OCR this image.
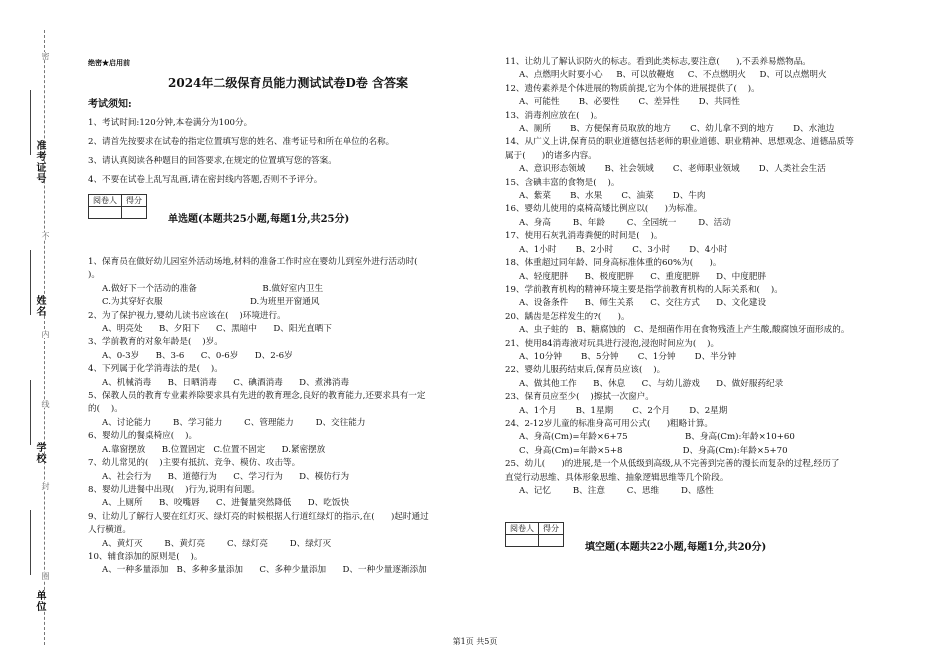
密
不
内
线
封
圈
准考证号
姓名
学校
单位
绝密★启用前
2024年二级保育员能力测试试卷D卷 含答案
考试须知:
1、考试时间:120分钟,本卷满分为100分。
2、请首先按要求在试卷的指定位置填写您的姓名、准考证号和所在单位的名称。
3、请认真阅读各种题目的回答要求,在规定的位置填写您的答案。
4、不要在试卷上乱写乱画,请在密封线内答题,否则不予评分。
阅卷人	得分

单选题(本题共25小题,每题1分,共25分)
1、保育员在做好幼儿园室外活动场地,材料的准备工作时应在婴幼儿到室外进行活动时(
)。
A.做好下一个活动的准备                        B.做好室内卫生
C.为其穿好衣服                                D.为班里开窗通风
2、为了保护视力,婴幼儿读书应该在(    )环境进行。
A、明亮处      B、夕阳下      C、黑暗中      D、阳光直晒下
3、学前教育的对象年龄是(    )岁。
A、0-3岁      B、3-6      C、0-6岁      D、2-6岁
4、下列属于化学消毒法的是(    )。
A、机械消毒      B、日晒消毒      C、碘酒消毒      D、煮沸消毒
5、保教人员的教育专业素养除要求具有先进的教育理念,良好的教育能力,还要求具有一定
的(    )。
A、讨论能力        B、学习能力        C、管理能力        D、交往能力
6、婴幼儿的餐桌椅应(    )。
A.靠窗摆放      B.位置固定   C.位置不固定      D.紧密摆放
7、幼儿常见的(    )主要有抵抗、竞争、模仿、攻击等。
A、社会行为      B、道德行为      C、学习行为      D、模仿行为
8、婴幼儿进餐中出现(    )行为,说明有问题。
A、上厕所      B、咬嘴唇      C、进餐量突然降低      D、吃饭快
9、让幼儿了解行人要在红灯灭、绿灯亮的时候根据人行道红绿灯的指示,在(      )起时通过
人行横道。
A、黄灯灭        B、黄灯亮        C、绿灯亮        D、绿灯灭
10、辅食添加的原则是(    )。
A、一种多量添加   B、多种多量添加      C、多种少量添加      D、一种少量逐渐添加
11、让幼儿了解认识防火的标志。看到此类标志,要注意(      ),不丢养易燃物品。
A、点燃明火时要小心     B、可以放鞭炮     C、不点燃明火     D、可以点燃明火
12、遗传素养是个体进展的物质前提,它为个体的进展提供了(    )。
A、可能性       B、必要性       C、差异性       D、共同性
13、消毒剂应放在(    )。
A、厕所       B、方便保育员取放的地方       C、幼儿拿不到的地方       D、水池边
14、从广义上讲,保育员的职业道德包括老师的职业道德、职业精神、思想观念、道德品质等
属于(      )的诸多内容。
A、意识形态领域       B、社会领域       C、老师职业领域       D、人类社会生活
15、含碘丰富的食物是(    )。
A、紫菜       B、水果       C、油菜       D、牛肉
16、婴幼儿使用的桌椅高矮比例应以(      )为标准。
A、身高        B、年龄        C、全园统一        D、活动
17、使用石灰乳消毒粪便的时间是(    )。
A、1小时       B、2小时       C、3小时       D、4小时
18、体重超过同年龄、同身高标准体重的60%为(      )。
A、轻度肥胖      B、极度肥胖      C、重度肥胖      D、中度肥胖
19、学前教育机构的精神环境主要是指学前教育机构的人际关系和(    )。
A、设备条件      B、师生关系      C、交往方式      D、文化建设
20、龋齿是怎样发生的?(      )。
A、虫子蛀的   B、糖腐蚀的   C、是细菌作用在食物残渣上产生酸,酸腐蚀牙面形成的。
21、使用84消毒液对玩具进行浸泡,浸泡时间应为(    )。
A、10分钟       B、5分钟       C、1分钟       D、半分钟
22、婴幼儿服药结束后,保育员应该(    )。
A、做其他工作      B、休息      C、与幼儿游戏      D、做好服药纪录
23、保育员应至少(    )擦拭一次窗户。
A、1个月       B、1星期       C、2个月       D、2星期
24、2-12岁儿童的标准身高可用公式(      )粗略计算。
A、身高(Cm)=年龄×6+75                     B、身高(Cm):年龄×10+60
C、身高(Cm)=年龄×5+8                      D、身高(Cm):年龄×5+70
25、幼儿(      )的进展,是一个从低级到高级,从不完善到完善的漫长而复杂的过程,经历了
直觉行动思维、具体形象思维、抽象逻辑思维等几个阶段。
A、记忆        B、注意        C、思维        D、感性
阅卷人	得分

填空题(本题共22小题,每题1分,共20分)
第1页 共5页
